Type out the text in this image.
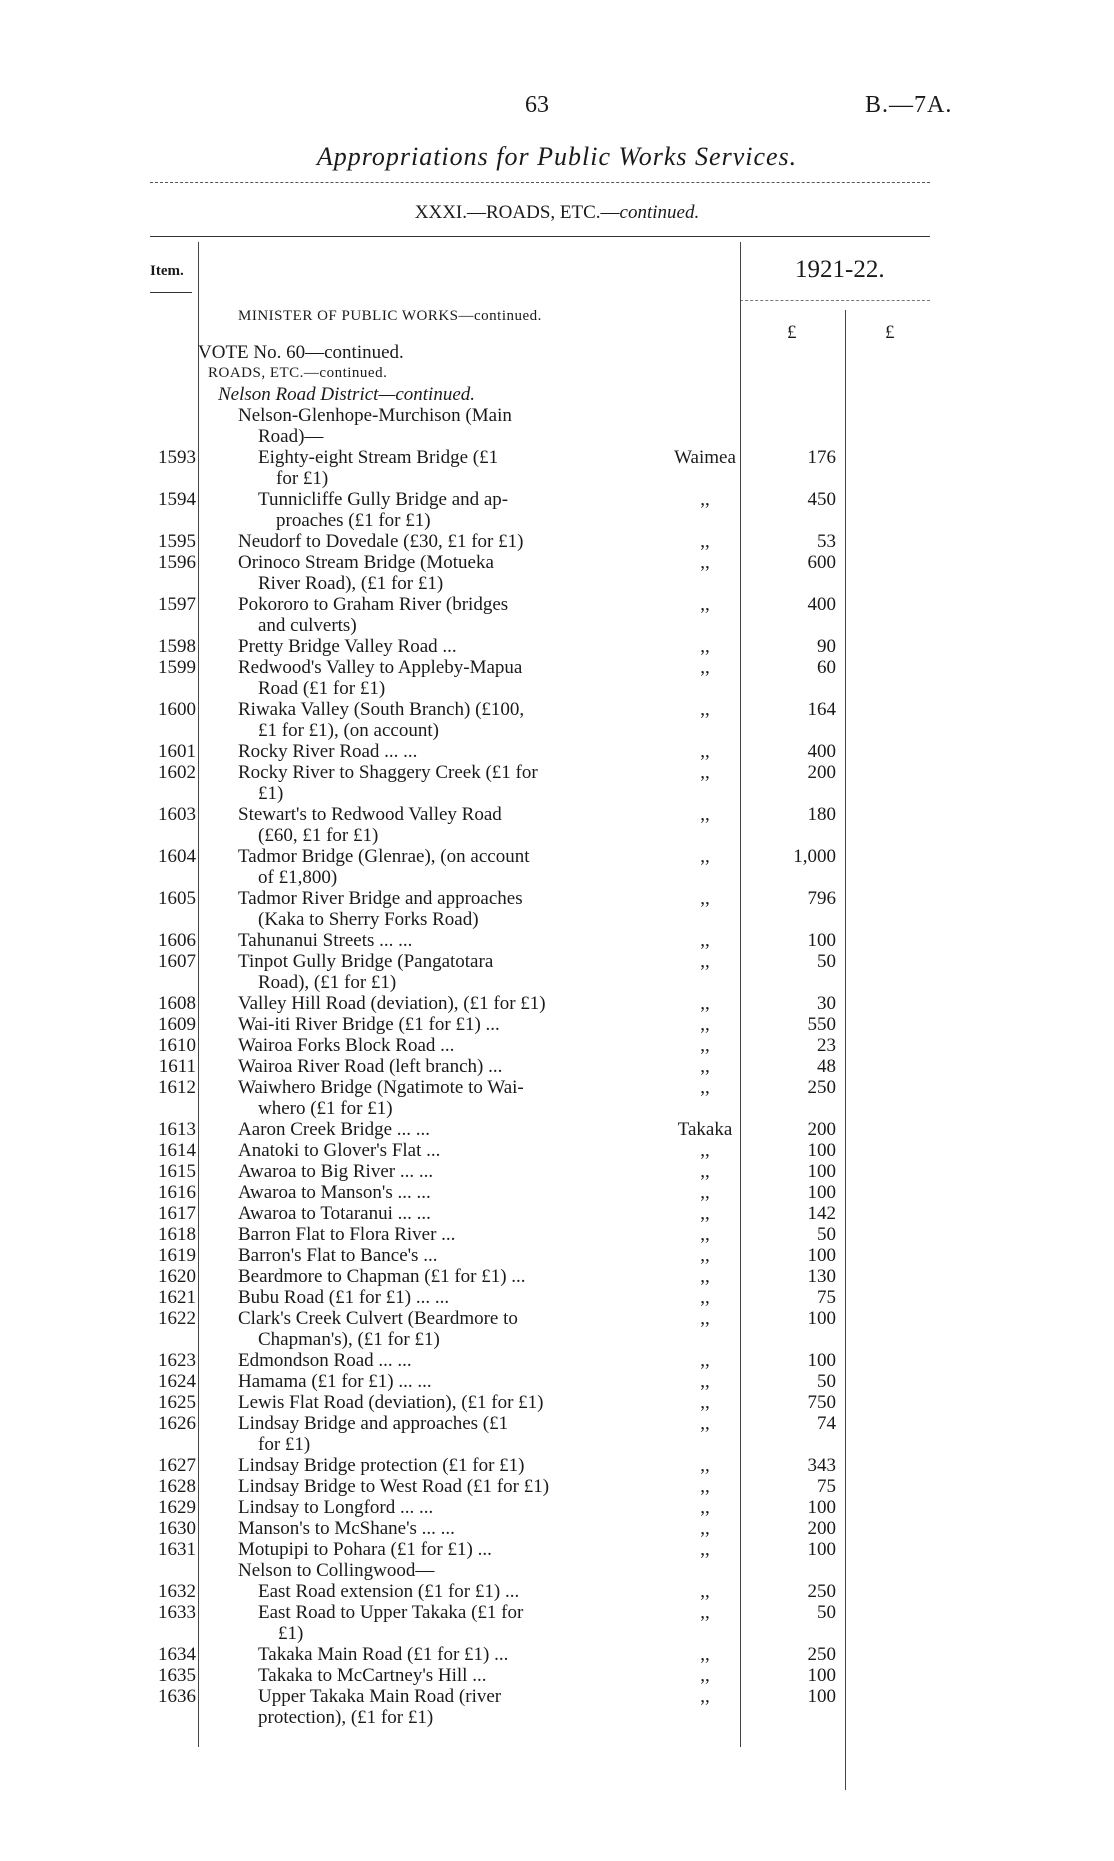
63	B.—7A.
Appropriations for Public Works Services.
XXXI.—ROADS, ETC.—continued.
Item.	1921-22.
£	£
MINISTER OF PUBLIC WORKS—continued.
VOTE No. 60—continued.
ROADS, ETC.—continued.
Nelson Road District—continued.
Nelson-Glenhope-Murchison (Main
Road)—
1593	Eighty-eight Stream Bridge (£1	Waimea	176
for £1)
1594	Tunnicliffe Gully Bridge and ap-	,,	450
proaches (£1 for £1)
1595 Neudorf to Dovedale (£30, £1 for £1)	,,	53
1596 Orinoco Stream Bridge (Motueka	,,	600
River Road), (£1 for £1)
1597 Pokororo to Graham River (bridges	,,	400
and culverts)
1598 Pretty Bridge Valley Road ...	,,	90
1599 Redwood's Valley to Appleby-Mapua	,,	60
Road (£1 for £1)
1600 Riwaka Valley (South Branch) (£100,	,,	164
£1 for £1), (on account)
1601 Rocky River Road ... ...	,,	400
1602 Rocky River to Shaggery Creek (£1 for	,,	200
£1)
1603 Stewart's to Redwood Valley Road	,,	180
(£60, £1 for £1)
1604 Tadmor Bridge (Glenrae), (on account	,,	1,000
of £1,800)
1605 Tadmor River Bridge and approaches	,,	796
(Kaka to Sherry Forks Road)
1606 Tahunanui Streets ... ...	,,	100
1607 Tinpot Gully Bridge (Pangatotara	,,	50
Road), (£1 for £1)
1608 Valley Hill Road (deviation), (£1 for £1)	,,	30
1609 Wai-iti River Bridge (£1 for £1) ...	,,	550
1610 Wairoa Forks Block Road ...	,,	23
1611 Wairoa River Road (left branch) ...	,,	48
1612 Waiwhero Bridge (Ngatimote to Wai-	,,	250
whero (£1 for £1)
1613 Aaron Creek Bridge ... ...	Takaka	200
1614 Anatoki to Glover's Flat ...	,,	100
1615 Awaroa to Big River ... ...	,,	100
1616 Awaroa to Manson's ... ...	,,	100
1617 Awaroa to Totaranui ... ...	,,	142
1618 Barron Flat to Flora River ...	,,	50
1619 Barron's Flat to Bance's ...	,,	100
1620 Beardmore to Chapman (£1 for £1) ...	,,	130
1621 Bubu Road (£1 for £1) ... ...	,,	75
1622 Clark's Creek Culvert (Beardmore to	,,	100
Chapman's), (£1 for £1)
1623 Edmondson Road ... ...	,,	100
1624 Hamama (£1 for £1) ... ...	,,	50
1625 Lewis Flat Road (deviation), (£1 for £1)	,,	750
1626 Lindsay Bridge and approaches (£1	,,	74
for £1)
1627 Lindsay Bridge protection (£1 for £1)	,,	343
1628 Lindsay Bridge to West Road (£1 for £1)	,,	75
1629 Lindsay to Longford ... ...	,,	100
1630 Manson's to McShane's ... ...	,,	200
1631 Motupipi to Pohara (£1 for £1) ...	,,	100
Nelson to Collingwood—
1632	East Road extension (£1 for £1) ...	,,	250
1633	East Road to Upper Takaka (£1 for	,,	50
£1)
1634	Takaka Main Road (£1 for £1) ...	,,	250
1635	Takaka to McCartney's Hill ...	,,	100
1636	Upper Takaka Main Road (river	,,	100
protection), (£1 for £1)
